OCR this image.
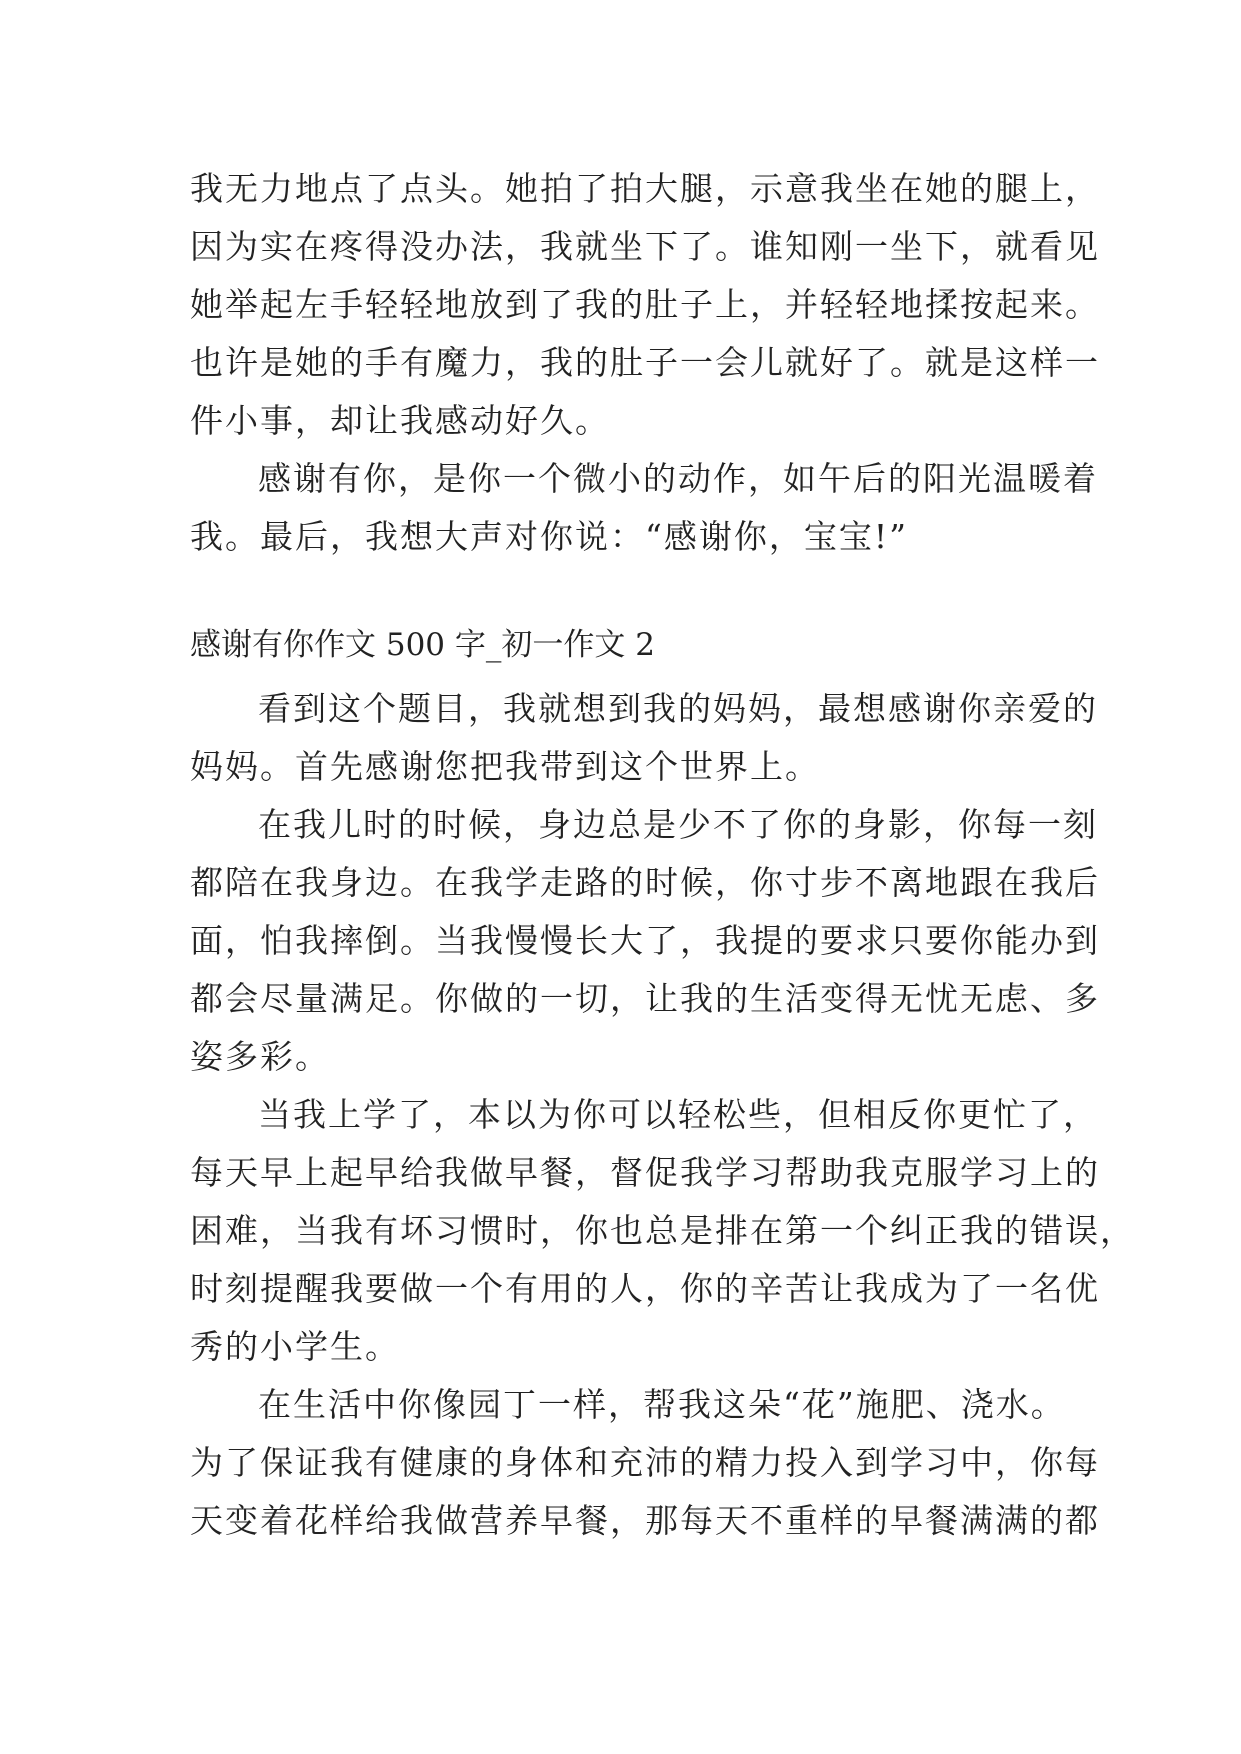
我无力地点了点头。她拍了拍大腿，示意我坐在她的腿上，
因为实在疼得没办法，我就坐下了。谁知刚一坐下，就看见
她举起左手轻轻地放到了我的肚子上，并轻轻地揉按起来。
也许是她的手有魔力，我的肚子一会儿就好了。就是这样一
件小事，却让我感动好久。
感谢有你，是你一个微小的动作，如午后的阳光温暖着
我。最后，我想大声对你说：“感谢你，宝宝!”
感谢有你作文 500 字_初一作文 2
看到这个题目，我就想到我的妈妈，最想感谢你亲爱的
妈妈。首先感谢您把我带到这个世界上。
在我儿时的时候，身边总是少不了你的身影，你每一刻
都陪在我身边。在我学走路的时候，你寸步不离地跟在我后
面，怕我摔倒。当我慢慢长大了，我提的要求只要你能办到
都会尽量满足。你做的一切，让我的生活变得无忧无虑、多
姿多彩。
当我上学了，本以为你可以轻松些，但相反你更忙了，
每天早上起早给我做早餐，督促我学习帮助我克服学习上的
困难，当我有坏习惯时，你也总是排在第一个纠正我的错误，
时刻提醒我要做一个有用的人，你的辛苦让我成为了一名优
秀的小学生。
在生活中你像园丁一样，帮我这朵“花”施肥、浇水。
为了保证我有健康的身体和充沛的精力投入到学习中，你每
天变着花样给我做营养早餐，那每天不重样的早餐满满的都
